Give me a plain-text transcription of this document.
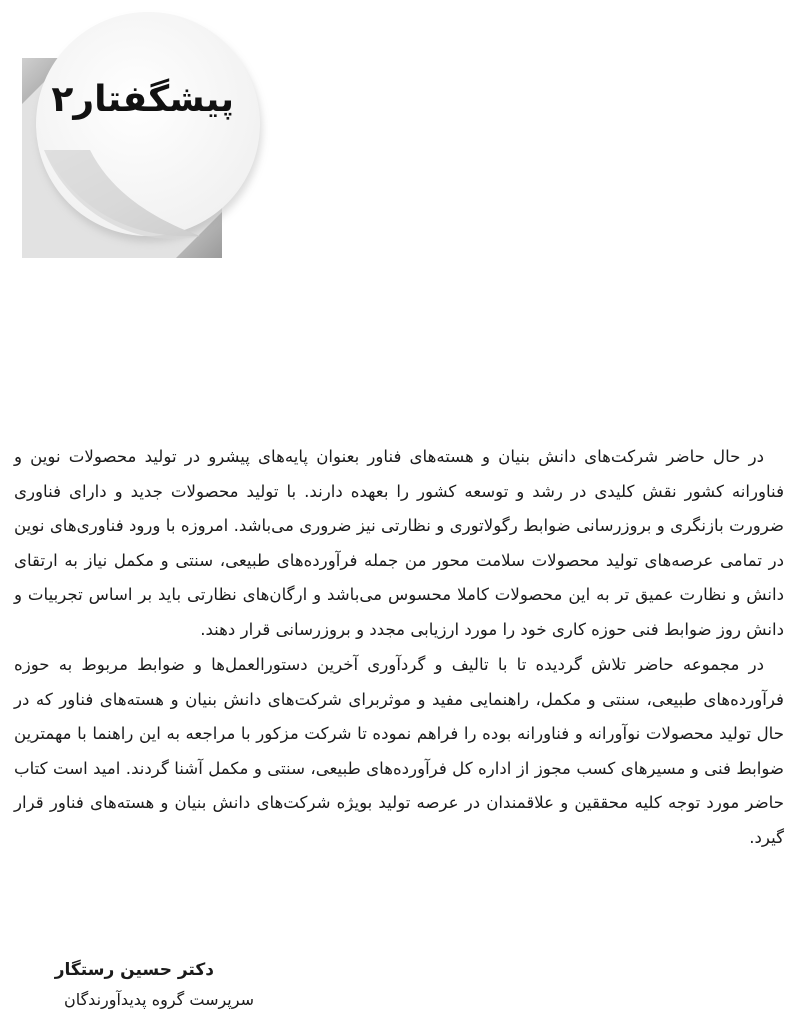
پیشگفتار۲

در حال حاضر شرکت‌های دانش بنیان و هسته‌های فناور بعنوان پایه‌های پیشرو در تولید محصولات نوین و فناورانه کشور نقش کلیدی در رشد و توسعه کشور را بعهده دارند. با تولید محصولات جدید و دارای فناوری ضرورت بازنگری و بروزرسانی ضوابط رگولاتوری و نظارتی نیز ضروری می‌باشد. امروزه با ورود فناوری‌های نوین در تمامی عرصه‌های تولید محصولات سلامت محور من جمله فرآورده‌های طبیعی، سنتی و مکمل نیاز به ارتقای دانش و نظارت عمیق تر به این محصولات کاملا محسوس می‌باشد و ارگان‌های نظارتی باید بر اساس تجربیات و دانش روز ضوابط فنی حوزه کاری خود را مورد ارزیابی مجدد و بروزرسانی قرار دهند.

در مجموعه حاضر تلاش گردیده تا با تالیف و گردآوری آخرین دستورالعمل‌ها و ضوابط مربوط به حوزه فرآورده‌های طبیعی، سنتی و مکمل، راهنمایی مفید و موثربرای شرکت‌های دانش بنیان و هسته‌های فناور که در حال تولید محصولات نوآورانه و فناورانه بوده را فراهم نموده تا شرکت مزکور با مراجعه به این راهنما با مهمترین ضوابط فنی و مسیرهای کسب مجوز از اداره کل فرآورده‌های طبیعی، سنتی و مکمل آشنا گردند. امید است کتاب حاضر مورد توجه کلیه محققین و علاقمندان در عرصه تولید بویژه شرکت‌های دانش بنیان و هسته‌های فناور قرار گیرد.

دکتر حسین رستگار
سرپرست گروه پدیدآورندگان
